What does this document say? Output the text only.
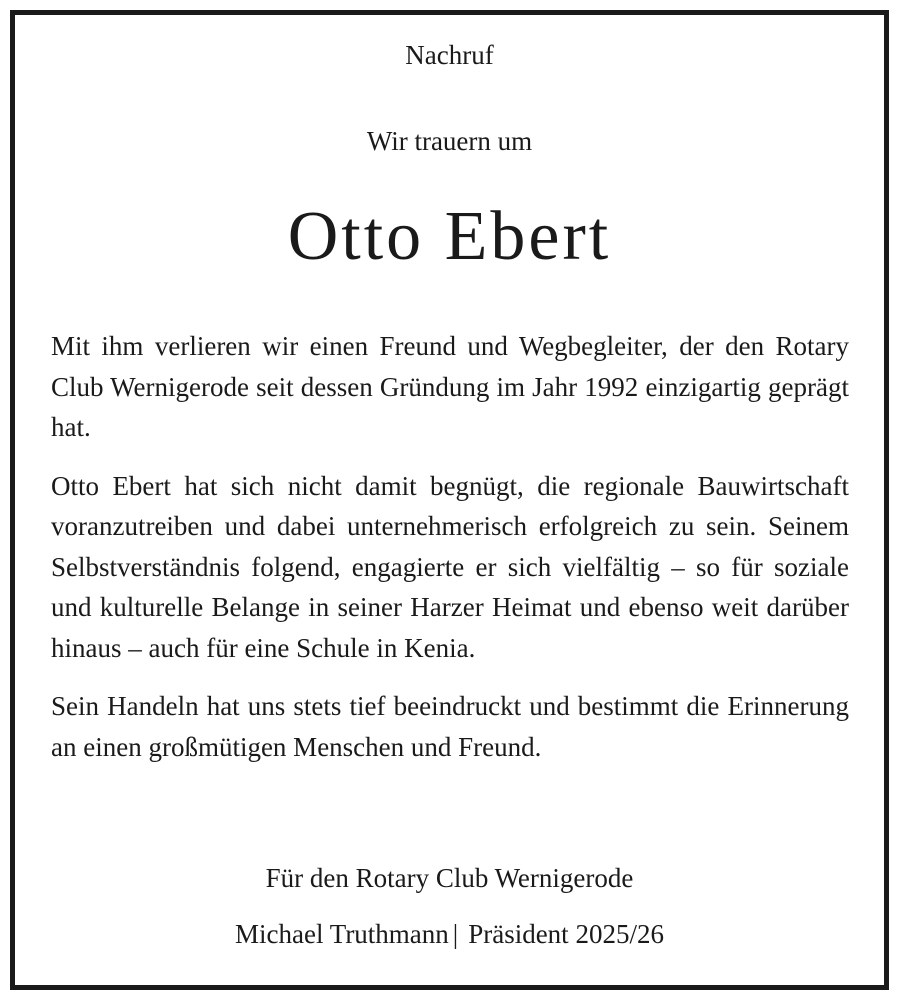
Nachruf
Wir trauern um
Otto Ebert

Mit ihm verlieren wir einen Freund und Wegbegleiter, der den Rotary Club Wernigerode seit dessen Gründung im Jahr 1992 einzigartig geprägt hat.

Otto Ebert hat sich nicht damit begnügt, die regionale Bauwirtschaft voranzutreiben und dabei unternehmerisch erfolgreich zu sein. Seinem Selbstverständnis folgend, engagierte er sich vielfältig – so für soziale und kulturelle Belange in seiner Harzer Heimat und ebenso weit darüber hinaus – auch für eine Schule in Kenia.

Sein Handeln hat uns stets tief beeindruckt und bestimmt die Erinnerung an einen großmütigen Menschen und Freund.

Für den Rotary Club Wernigerode
Michael Truthmann | Präsident 2025/26
